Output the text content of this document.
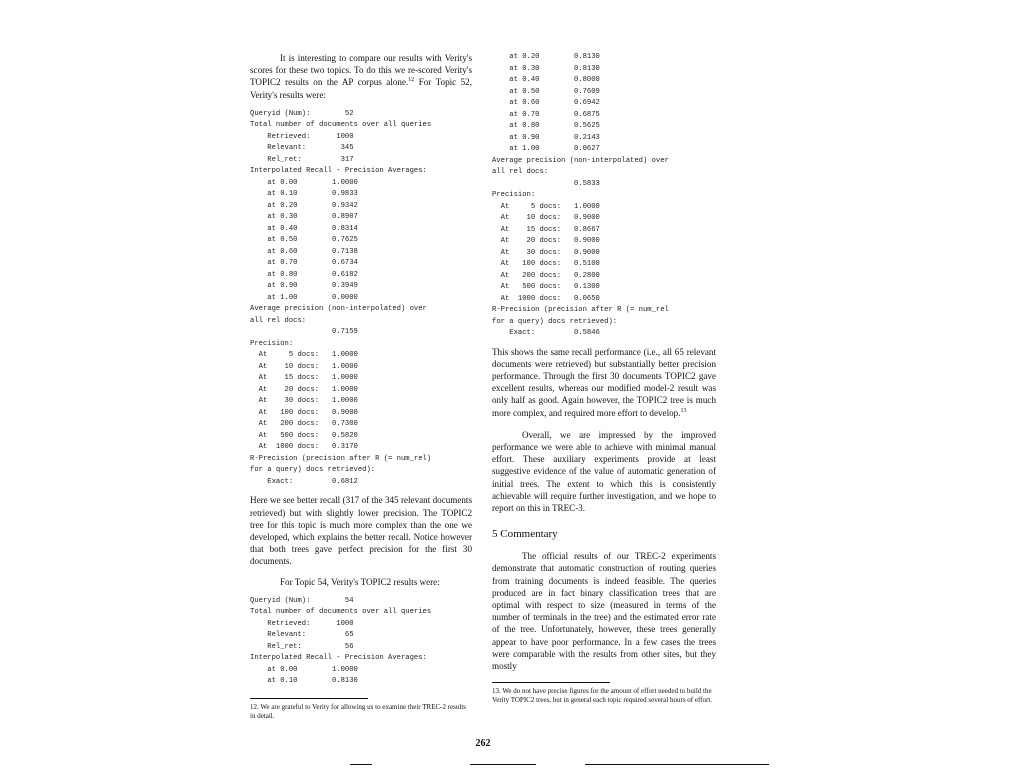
It is interesting to compare our results with Verity's scores for these two topics. To do this we re-scored Verity's TOPIC2 results on the AP corpus alone.$^{12}$ For Topic 52, Verity's results were:

Queryid (Num):        52
Total number of documents over all queries
Retrieved:      1000
Relevant:        345
Rel_ret:         317
Interpolated Recall - Precision Averages:
at 0.00        1.0000
at 0.10        0.9833
at 0.20        0.9342
at 0.30        0.8907
at 0.40        0.8314
at 0.50        0.7625
at 0.60        0.7138
at 0.70        0.6734
at 0.80        0.6182
at 0.90        0.3949
at 1.00        0.0000
Average precision (non-interpolated) over
all rel docs:
0.7159
Precision:
At     5 docs:   1.0000
At    10 docs:   1.0000
At    15 docs:   1.0000
At    20 docs:   1.0000
At    30 docs:   1.0000
At   100 docs:   0.9000
At   200 docs:   0.7300
At   500 docs:   0.5820
At  1000 docs:   0.3170
R-Precision (precision after R (= num_rel)
for a query) docs retrieved):
Exact:         0.6812

Here we see better recall (317 of the 345 relevant documents retrieved) but with slightly lower precision. The TOPIC2 tree for this topic is much more complex than the one we developed, which explains the better recall. Notice however that both trees gave perfect precision for the first 30 documents.

For Topic 54, Verity's TOPIC2 results were:

Queryid (Num):        54
Total number of documents over all queries
Retrieved:      1000
Relevant:         65
Rel_ret:          56
Interpolated Recall - Precision Averages:
at 0.00        1.0000
at 0.10        0.8130

12. We are grateful to Verity for allowing us to examine their TREC-2 results in detail.

at 0.20        0.8130
at 0.30        0.8130
at 0.40        0.8000
at 0.50        0.7609
at 0.60        0.6942
at 0.70        0.6875
at 0.80        0.5625
at 0.90        0.2143
at 1.00        0.0627
Average precision (non-interpolated) over
all rel docs:
0.5833
Precision:
At     5 docs:   1.0000
At    10 docs:   0.9000
At    15 docs:   0.8667
At    20 docs:   0.9000
At    30 docs:   0.9000
At   100 docs:   0.5100
At   200 docs:   0.2800
At   500 docs:   0.1300
At  1000 docs:   0.0650
R-Precision (precision after R (= num_rel
for a query) docs retrieved):
Exact:         0.5846

This shows the same recall performance (i.e., all 65 relevant documents were retrieved) but substantially better precision performance. Through the first 30 documents TOPIC2 gave excellent results, whereas our modified model-2 result was only half as good. Again however, the TOPIC2 tree is much more complex, and required more effort to develop.$^{13}$

Overall, we are impressed by the improved performance we were able to achieve with minimal manual effort. These auxiliary experiments provide at least suggestive evidence of the value of automatic generation of initial trees. The extent to which this is consistently achievable will require further investigation, and we hope to report on this in TREC-3.

5 Commentary

The official results of our TREC-2 experiments demonstrate that automatic construction of routing queries from training documents is indeed feasible. The queries produced are in fact binary classification trees that are optimal with respect to size (measured in terms of the number of terminals in the tree) and the estimated error rate of the tree. Unfortunately, however, these trees generally appear to have poor performance. In a few cases the trees were comparable with the results from other sites, but they mostly

13. We do not have precise figures for the amount of effort needed to build the Verity TOPIC2 trees, but in general each topic required several hours of effort.

262
